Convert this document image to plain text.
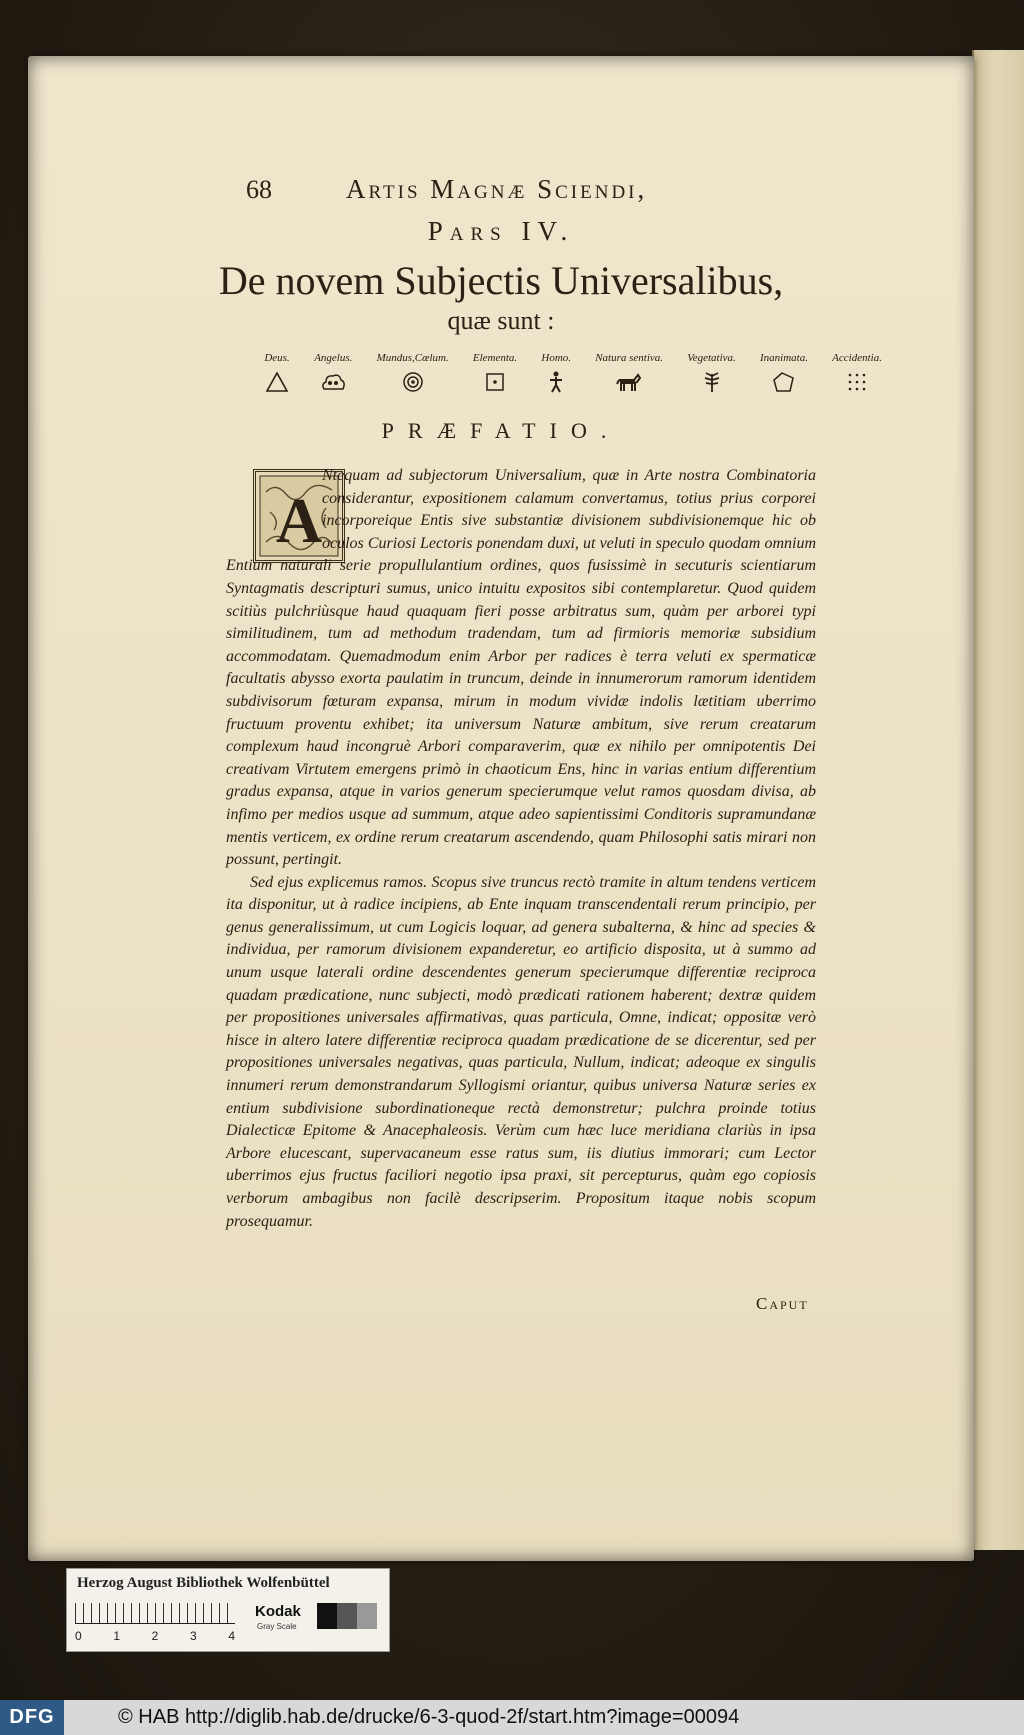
68	Artis Magnæ Sciendi,
Pars IV.
De novem Subjectis Universalibus,
quæ sunt :
Deus. Angelus. Mundus,Cœlum. Elementa. Homo. Natura sentiva. Vegetativa. Inanimata. Accidentia.
PRÆFATIO.
A

Ntequam ad subjectorum Universalium, quæ in Arte nostra Combinatoria considerantur, expositionem calamum convertamus, totius prius corporei incorporeique Entis sive substantiæ divisionem subdivisionemque hic ob oculos Curiosi Lectoris ponendam duxi, ut veluti in speculo quodam omnium Entium naturali serie propullulantium ordines, quos fusissimè in secuturis scientiarum Syntagmatis descripturi sumus, unico intuitu expositos sibi contemplaretur. Quod quidem scitiùs pulchriùsque haud quaquam fieri posse arbitratus sum, quàm per arborei typi similitudinem, tum ad methodum tradendam, tum ad firmioris memoriæ subsidium accommodatam. Quemadmodum enim Arbor per radices è terra veluti ex spermaticæ facultatis abysso exorta paulatim in truncum, deinde in innumerorum ramorum identidem subdivisorum fœturam expansa, mirum in modum vividæ indolis lætitiam uberrimo fructuum proventu exhibet; ita universum Naturæ ambitum, sive rerum creatarum complexum haud incongruè Arbori comparaverim, quæ ex nihilo per omnipotentis Dei creativam Virtutem emergens primò in chaoticum Ens, hinc in varias entium differentium gradus expansa, atque in varios generum specierumque velut ramos quosdam divisa, ab infimo per medios usque ad summum, atque adeo sapientissimi Conditoris supramundanæ mentis verticem, ex ordine rerum creatarum ascendendo, quam Philosophi satis mirari non possunt, pertingit.

Sed ejus explicemus ramos. Scopus sive truncus rectò tramite in altum tendens verticem ita disponitur, ut à radice incipiens, ab Ente inquam transcendentali rerum principio, per genus generalissimum, ut cum Logicis loquar, ad genera subalterna, & hinc ad species & individua, per ramorum divisionem expanderetur, eo artificio disposita, ut à summo ad unum usque laterali ordine descendentes generum specierumque differentiæ reciproca quadam prædicatione, nunc subjecti, modò prædicati rationem haberent; dextræ quidem per propositiones universales affirmativas, quas particula, Omne, indicat; oppositæ verò hisce in altero latere differentiæ reciproca quadam prædicatione de se dicerentur, sed per propositiones universales negativas, quas particula, Nullum, indicat; adeoque ex singulis innumeri rerum demonstrandarum Syllogismi oriantur, quibus universa Naturæ series ex entium subdivisione subordinationeque rectà demonstretur; pulchra proinde totius Dialecticæ Epitome & Anacephaleosis. Verùm cum hæc luce meridiana clariùs in ipsa Arbore elucescant, supervacaneum esse ratus sum, iis diutius immorari; cum Lector uberrimos ejus fructus faciliori negotio ipsa praxi, sit percepturus, quàm ego copiosis verborum ambagibus non facilè descripserim. Propositum itaque nobis scopum prosequamur.

Caput
Herzog August Bibliothek Wolfenbüttel
0	1	2	3	4
Kodak
Gray Scale
DFG	© HAB http://diglib.hab.de/drucke/6-3-quod-2f/start.htm?image=00094
